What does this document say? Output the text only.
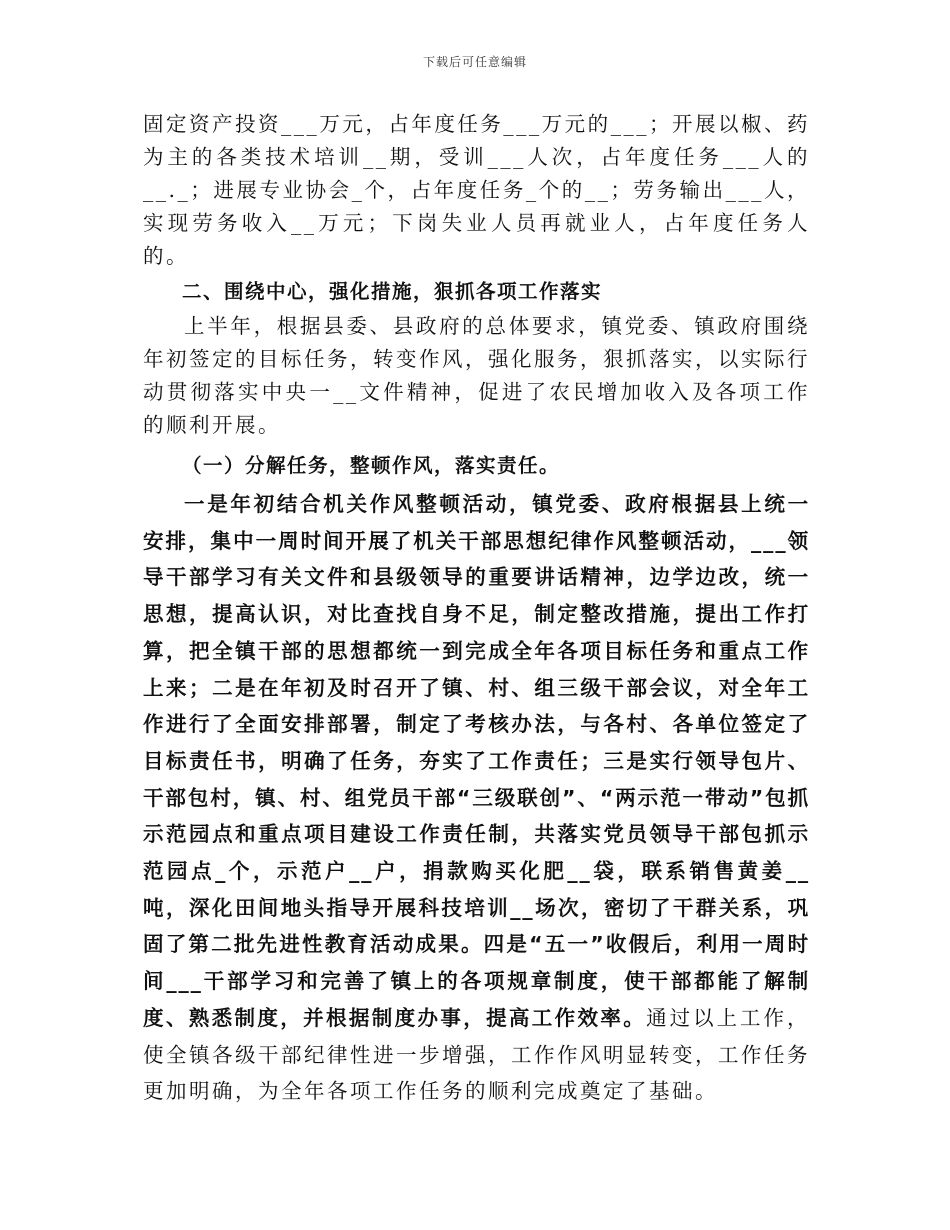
下载后可任意编辑

固定资产投资___万元，占年度任务___万元的___；开展以椒、药为主的各类技术培训__期，受训___人次，占年度任务___人的__._；进展专业协会_个，占年度任务_个的__；劳务输出___人，实现劳务收入__万元；下岗失业人员再就业人，占年度任务人的。

二、围绕中心，强化措施，狠抓各项工作落实

上半年，根据县委、县政府的总体要求，镇党委、镇政府围绕年初签定的目标任务，转变作风，强化服务，狠抓落实，以实际行动贯彻落实中央一__文件精神，促进了农民增加收入及各项工作的顺利开展。

（一）分解任务，整顿作风，落实责任。

一是年初结合机关作风整顿活动，镇党委、政府根据县上统一安排，集中一周时间开展了机关干部思想纪律作风整顿活动，___领导干部学习有关文件和县级领导的重要讲话精神，边学边改，统一思想，提高认识，对比查找自身不足，制定整改措施，提出工作打算，把全镇干部的思想都统一到完成全年各项目标任务和重点工作上来；二是在年初及时召开了镇、村、组三级干部会议，对全年工作进行了全面安排部署，制定了考核办法，与各村、各单位签定了目标责任书，明确了任务，夯实了工作责任；三是实行领导包片、干部包村，镇、村、组党员干部“三级联创”、“两示范一带动”包抓示范园点和重点项目建设工作责任制，共落实党员领导干部包抓示范园点_个，示范户__户，捐款购买化肥__袋，联系销售黄姜__吨，深化田间地头指导开展科技培训__场次，密切了干群关系，巩固了第二批先进性教育活动成果。四是“五一”收假后，利用一周时间___干部学习和完善了镇上的各项规章制度，使干部都能了解制度、熟悉制度，并根据制度办事，提高工作效率。通过以上工作，使全镇各级干部纪律性进一步增强，工作作风明显转变，工作任务更加明确，为全年各项工作任务的顺利完成奠定了基础。
